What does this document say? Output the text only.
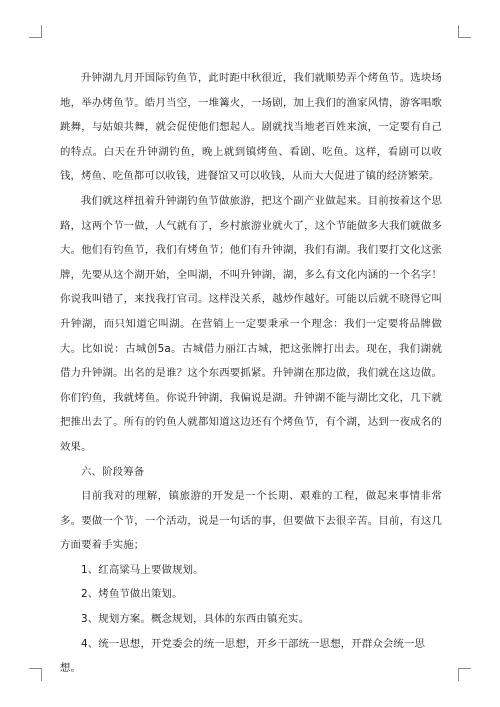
升钟湖九月开国际钓鱼节，此时距中秋很近，我们就顺势弄个烤鱼节。选块场地，举办烤鱼节。皓月当空，一堆篝火，一场剧，加上我们的渔家风情，游客唱歌跳舞，与姑娘共舞，就会促使他们想起人。剧就找当地老百姓来演，一定要有自己的特点。白天在升钟湖钓鱼，晚上就到镇烤鱼、看剧、吃鱼。这样，看剧可以收钱，烤鱼、吃鱼都可以收钱，进餐馆又可以收钱，从而大大促进了镇的经济繁荣。

我们就这样扭着升钟湖钓鱼节做旅游，把这个副产业做起来。目前按着这个思路，这两个节一做，人气就有了，乡村旅游业就火了，这个节能做多大我们就做多大。他们有钓鱼节，我们有烤鱼节；他们有升钟湖，我们有湖。我们要打文化这张牌，先要从这个湖开始，全叫湖，不叫升钟湖，湖，多么有文化内涵的一个名字！你说我叫错了，来找我打官司。这样没关系，越炒作越好。可能以后就不晓得它叫升钟湖，而只知道它叫湖。在营销上一定要秉承一个理念：我们一定要将品牌做大。比如说：古城创5a。古城借力丽江古城，把这张牌打出去。现在，我们湖就借力升钟湖。出名的是谁？这个东西要抓紧。升钟湖在那边做，我们就在这边做。你们钓鱼，我就烤鱼。你说升钟湖，我偏说是湖。升钟湖不能与湖比文化，几下就把推出去了。所有的钓鱼人就都知道这边还有个烤鱼节，有个湖，达到一夜成名的效果。

六、阶段筹备

目前我对的理解，镇旅游的开发是一个长期、艰难的工程，做起来事情非常多。要做一个节，一个活动，说是一句话的事，但要做下去很辛苦。目前，有这几方面要着手实施；

1、红高粱马上要做规划。

2、烤鱼节做出策划。

3、规划方案。概念规划，具体的东西由镇充实。

4、统一思想，开党委会的统一思想，开乡干部统一思想，开群众会统一思想。
